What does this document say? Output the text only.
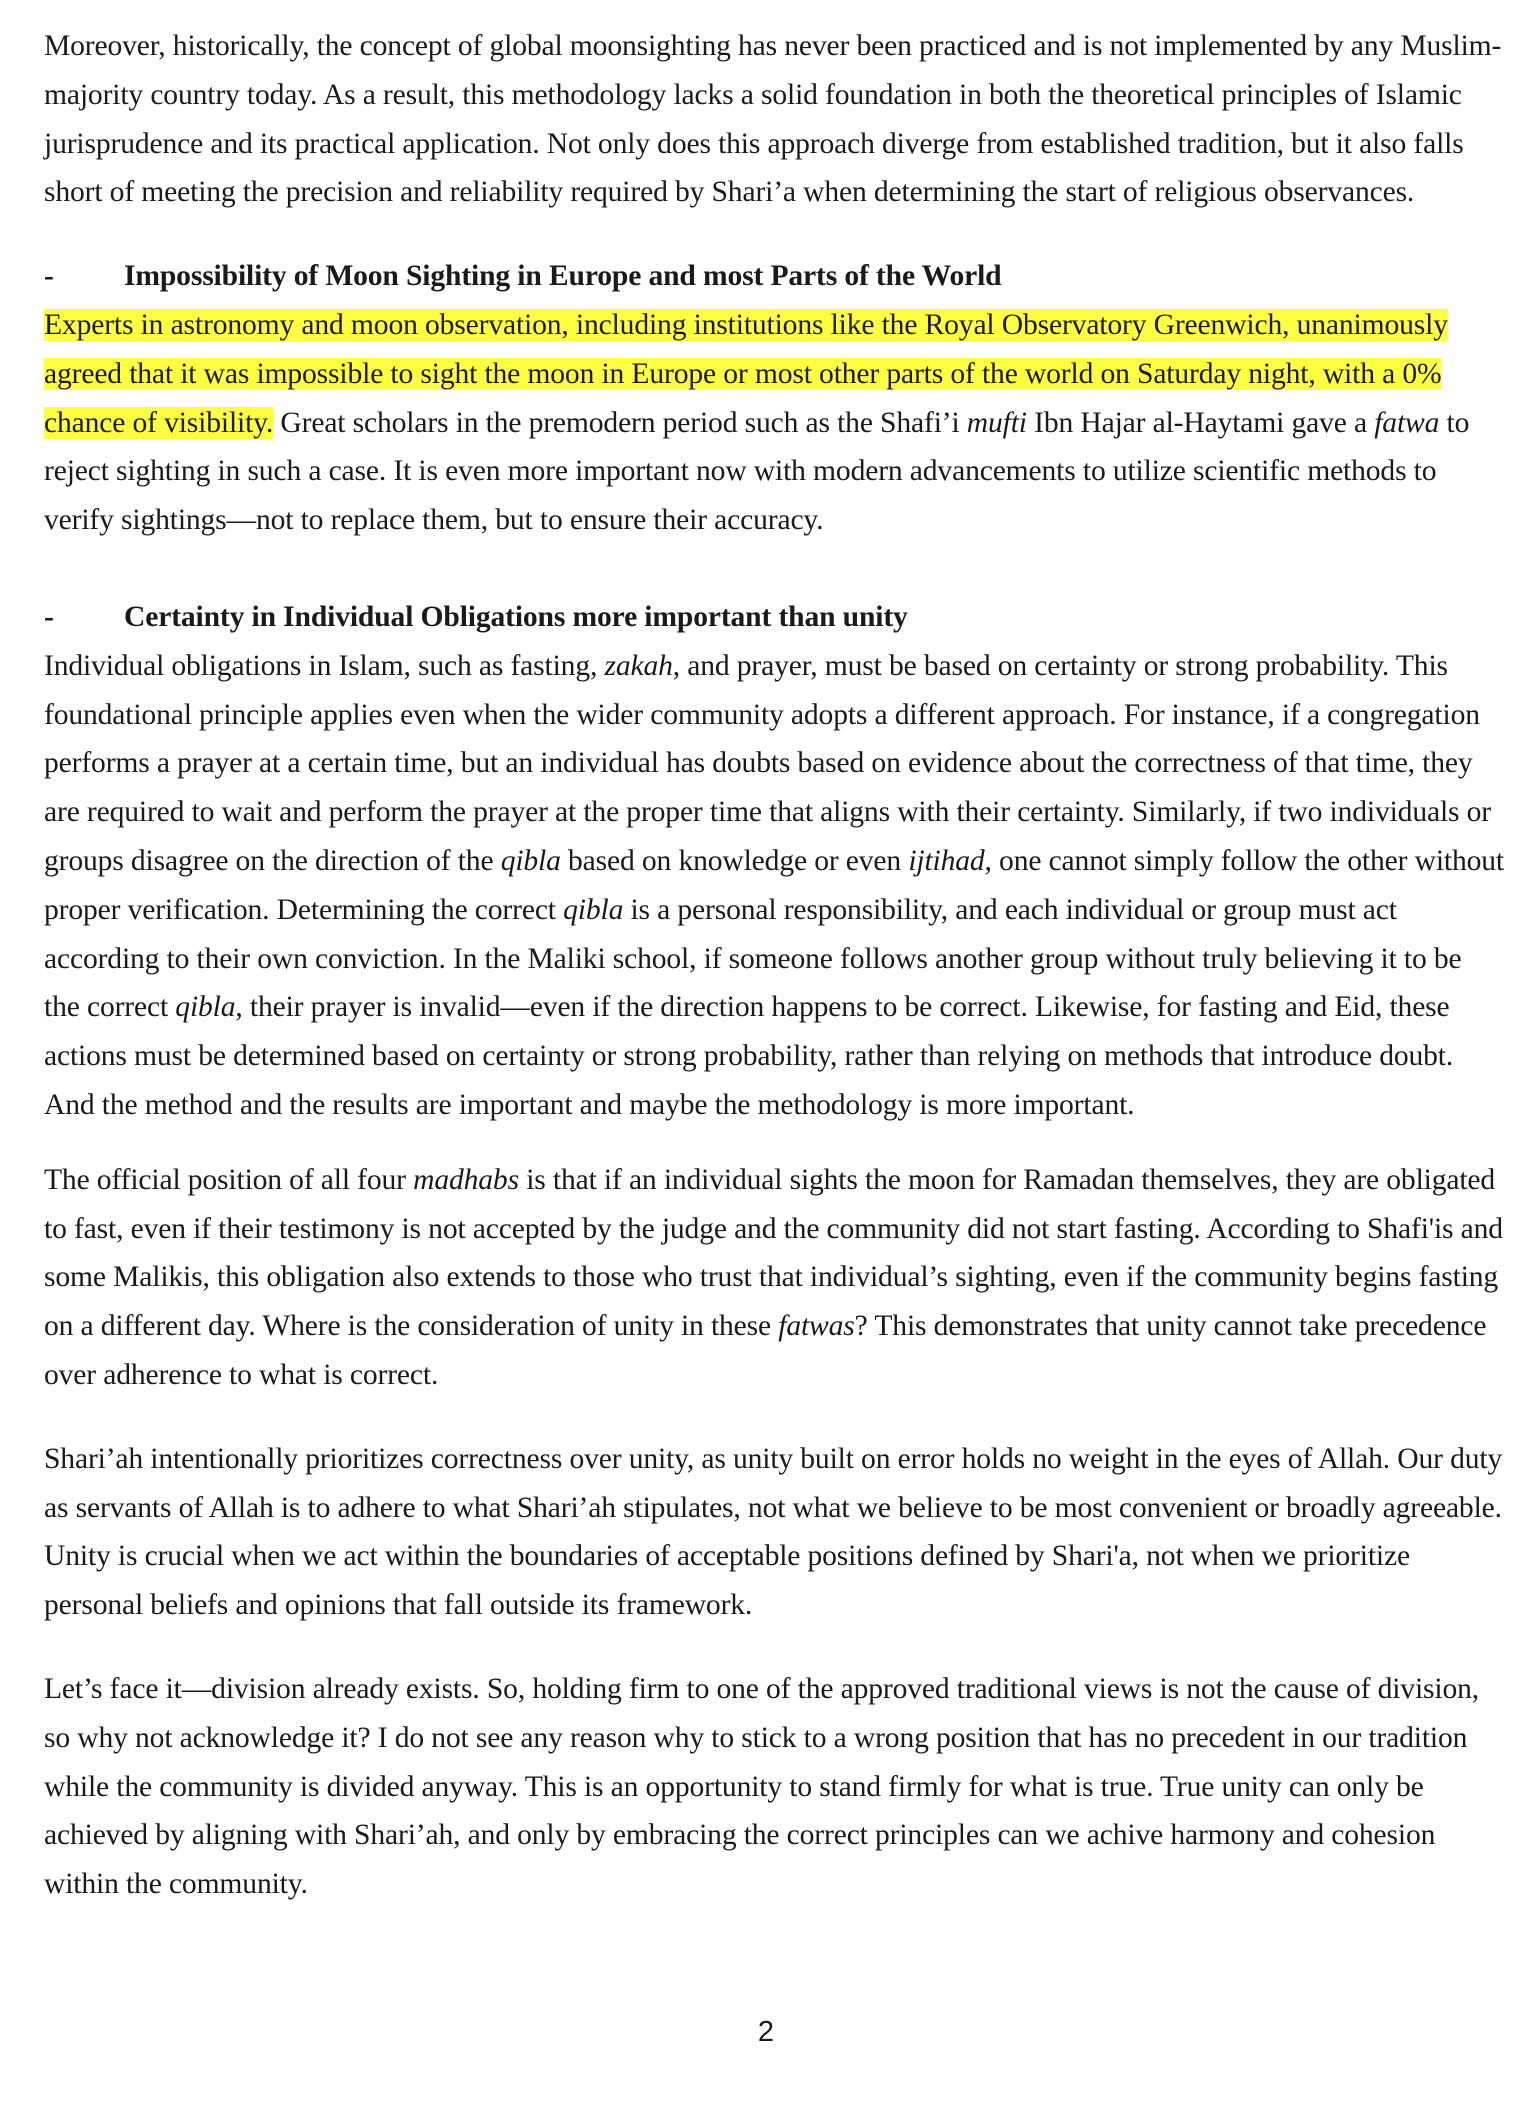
Moreover, historically, the concept of global moonsighting has never been practiced and is not implemented by any Muslim-majority country today. As a result, this methodology lacks a solid foundation in both the theoretical principles of Islamic jurisprudence and its practical application. Not only does this approach diverge from established tradition, but it also falls short of meeting the precision and reliability required by Shari’a when determining the start of religious observances.

-	Impossibility of Moon Sighting in Europe and most Parts of the World

Experts in astronomy and moon observation, including institutions like the Royal Observatory Greenwich, unanimously agreed that it was impossible to sight the moon in Europe or most other parts of the world on Saturday night, with a 0% chance of visibility. Great scholars in the premodern period such as the Shafi’i mufti Ibn Hajar al-Haytami gave a fatwa to reject sighting in such a case. It is even more important now with modern advancements to utilize scientific methods to verify sightings—not to replace them, but to ensure their accuracy.

-	Certainty in Individual Obligations more important than unity

Individual obligations in Islam, such as fasting, zakah, and prayer, must be based on certainty or strong probability. This foundational principle applies even when the wider community adopts a different approach. For instance, if a congregation performs a prayer at a certain time, but an individual has doubts based on evidence about the correctness of that time, they are required to wait and perform the prayer at the proper time that aligns with their certainty. Similarly, if two individuals or groups disagree on the direction of the qibla based on knowledge or even ijtihad, one cannot simply follow the other without proper verification. Determining the correct qibla is a personal responsibility, and each individual or group must act according to their own conviction. In the Maliki school, if someone follows another group without truly believing it to be the correct qibla, their prayer is invalid—even if the direction happens to be correct. Likewise, for fasting and Eid, these actions must be determined based on certainty or strong probability, rather than relying on methods that introduce doubt. And the method and the results are important and maybe the methodology is more important.

The official position of all four madhabs is that if an individual sights the moon for Ramadan themselves, they are obligated to fast, even if their testimony is not accepted by the judge and the community did not start fasting. According to Shafi'is and some Malikis, this obligation also extends to those who trust that individual’s sighting, even if the community begins fasting on a different day. Where is the consideration of unity in these fatwas? This demonstrates that unity cannot take precedence over adherence to what is correct.

Shari’ah intentionally prioritizes correctness over unity, as unity built on error holds no weight in the eyes of Allah. Our duty as servants of Allah is to adhere to what Shari’ah stipulates, not what we believe to be most convenient or broadly agreeable. Unity is crucial when we act within the boundaries of acceptable positions defined by Shari'a, not when we prioritize personal beliefs and opinions that fall outside its framework.

Let’s face it—division already exists. So, holding firm to one of the approved traditional views is not the cause of division, so why not acknowledge it? I do not see any reason why to stick to a wrong position that has no precedent in our tradition while the community is divided anyway. This is an opportunity to stand firmly for what is true. True unity can only be achieved by aligning with Shari’ah, and only by embracing the correct principles can we achive harmony and cohesion within the community.

2
